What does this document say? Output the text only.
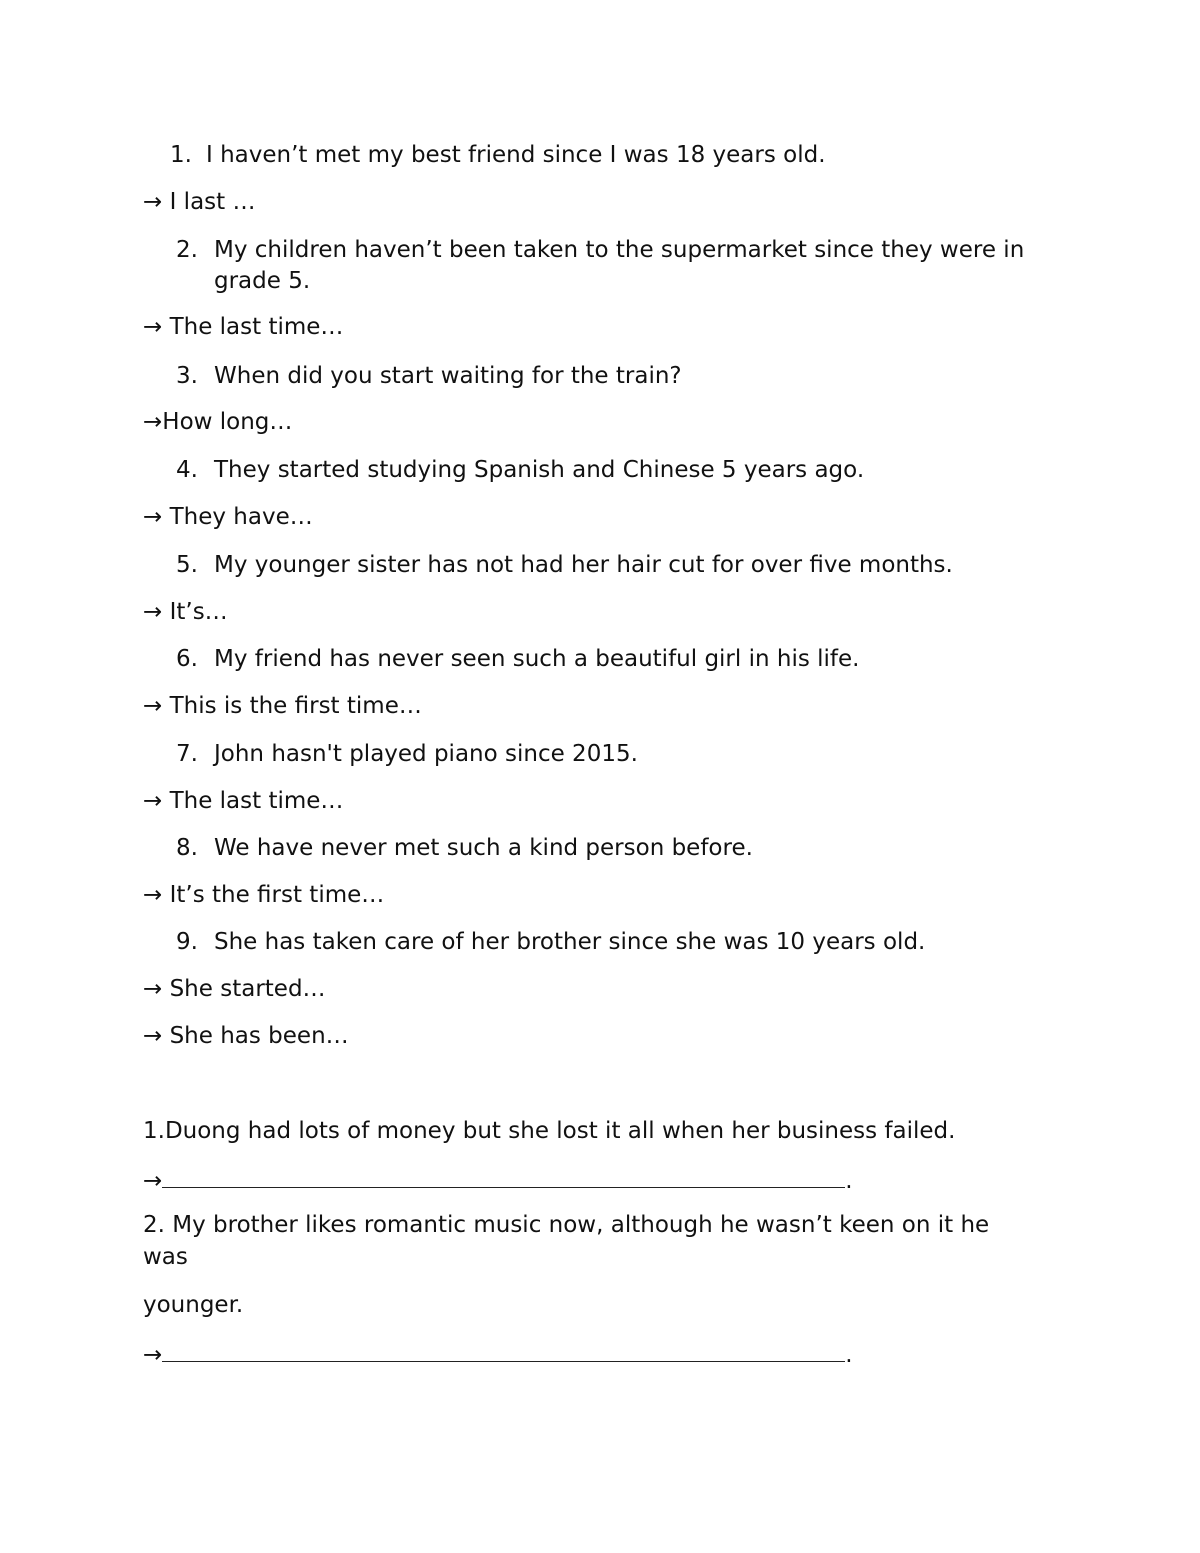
1. I haven’t met my best friend since I was 18 years old.
→ I last …
2. My children haven’t been taken to the supermarket since they were in
grade 5.
→ The last time…
3. When did you start waiting for the train?
→How long…
4. They started studying Spanish and Chinese 5 years ago.
→ They have…
5. My younger sister has not had her hair cut for over five months.
→ It’s…
6. My friend has never seen such a beautiful girl in his life.
→ This is the first time…
7. John hasn't played piano since 2015.
→ The last time…
8. We have never met such a kind person before.
→ It’s the first time…
9. She has taken care of her brother since she was 10 years old.
→ She started…
→ She has been…
1.Duong had lots of money but she lost it all when her business failed.
→	.
2. My brother likes romantic music now, although he wasn’t keen on it he
was
younger.
→	.
